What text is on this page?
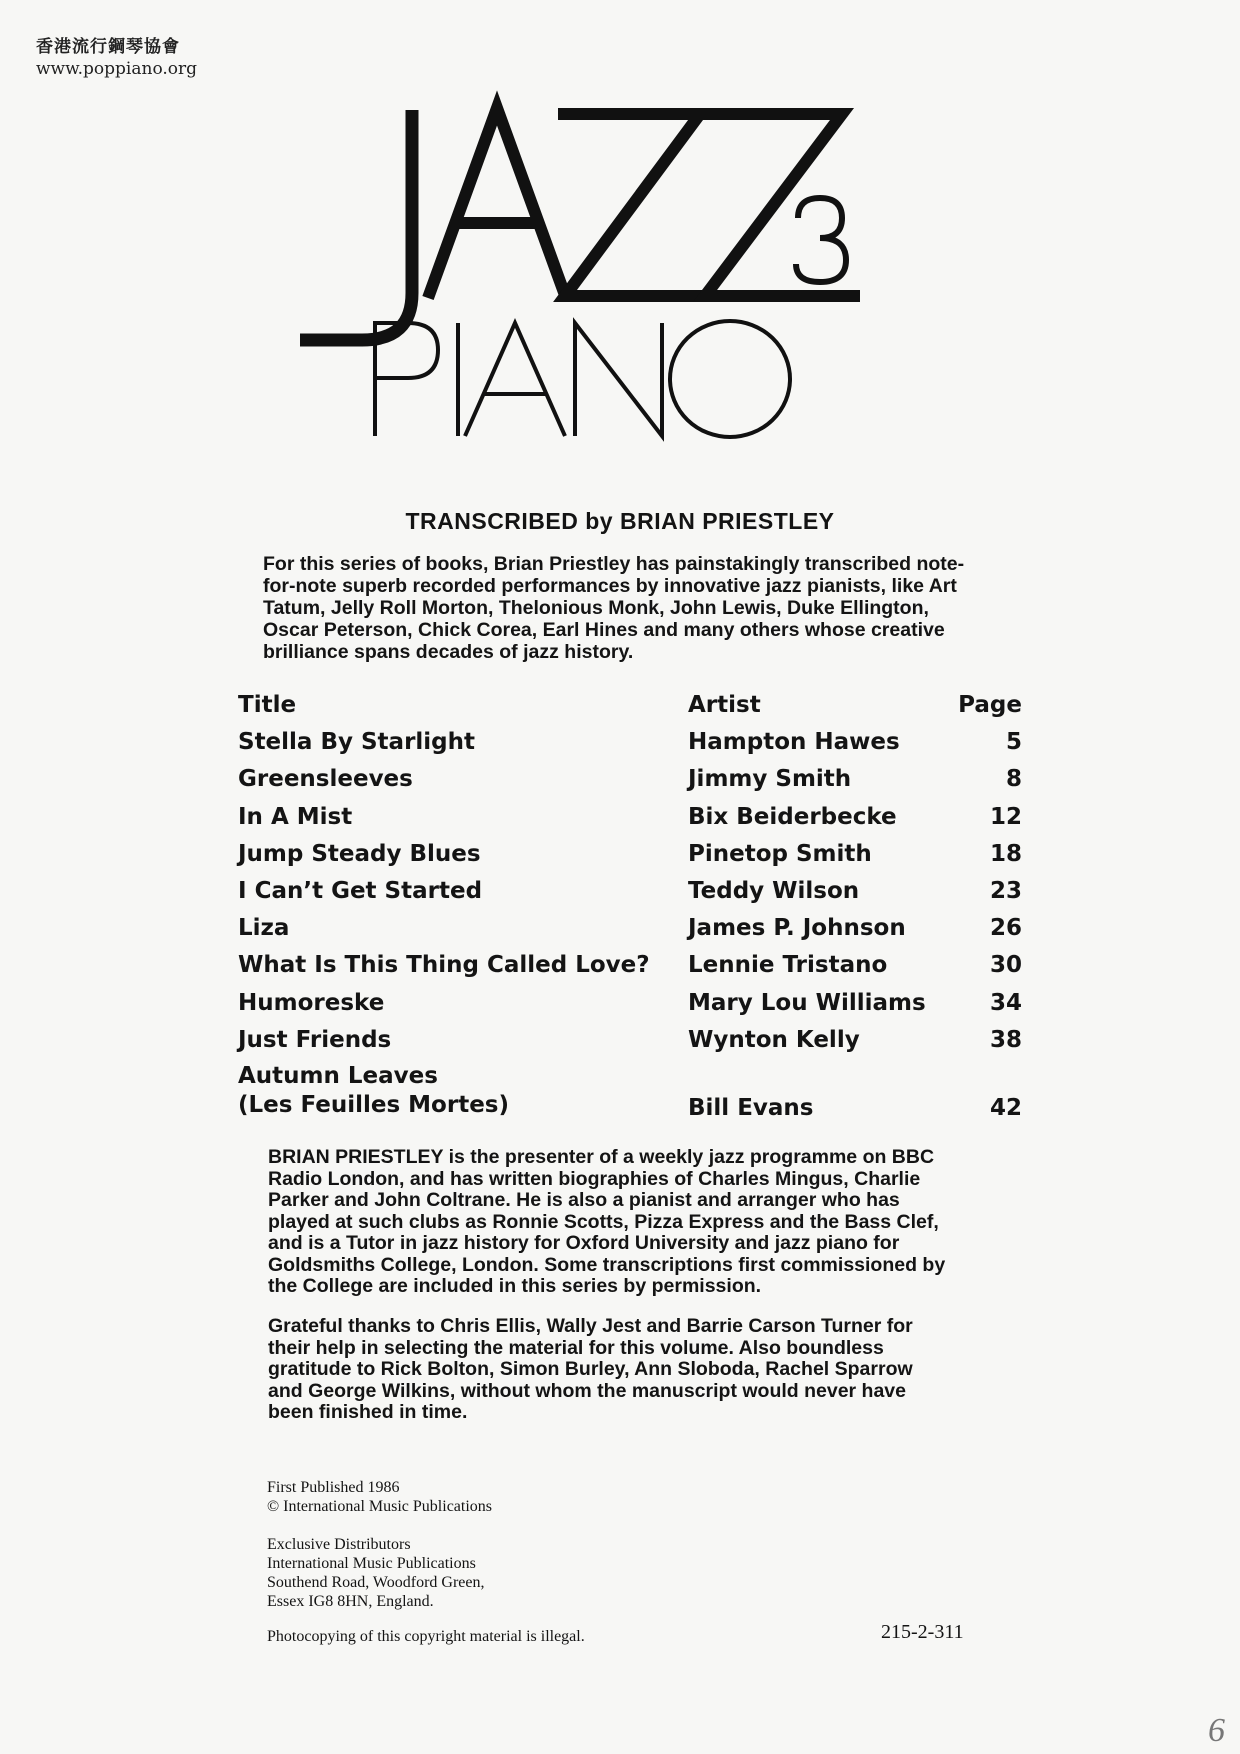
香港流行鋼琴協會
www.poppiano.org
TRANSCRIBED by BRIAN PRIESTLEY

For this series of books, Brian Priestley has painstakingly transcribed note-

for-note superb recorded performances by innovative jazz pianists, like Art

Tatum, Jelly Roll Morton, Thelonious Monk, John Lewis, Duke Ellington,

Oscar Peterson, Chick Corea, Earl Hines and many others whose creative

brilliance spans decades of jazz history.

Title	Artist	Page
Stella By Starlight	Hampton Hawes	5
Greensleeves	Jimmy Smith	8
In A Mist	Bix Beiderbecke	12
Jump Steady Blues	Pinetop Smith	18
I Can’t Get Started	Teddy Wilson	23
Liza	James P. Johnson	26
What Is This Thing Called Love? Lennie Tristano	30
Humoreske	Mary Lou Williams	34
Just Friends	Wynton Kelly	38
Autumn Leaves
(Les Feuilles Mortes)	Bill Evans	42

BRIAN PRIESTLEY is the presenter of a weekly jazz programme on BBC

Radio London, and has written biographies of Charles Mingus, Charlie

Parker and John Coltrane. He is also a pianist and arranger who has

played at such clubs as Ronnie Scotts, Pizza Express and the Bass Clef,

and is a Tutor in jazz history for Oxford University and jazz piano for

Goldsmiths College, London. Some transcriptions first commissioned by

the College are included in this series by permission.

Grateful thanks to Chris Ellis, Wally Jest and Barrie Carson Turner for

their help in selecting the material for this volume. Also boundless

gratitude to Rick Bolton, Simon Burley, Ann Sloboda, Rachel Sparrow

and George Wilkins, without whom the manuscript would never have

been finished in time.

First Published 1986
© International Music Publications
Exclusive Distributors
International Music Publications
Southend Road, Woodford Green,
Essex IG8 8HN, England.
Photocopying of this copyright material is illegal.	215-2-311
6
